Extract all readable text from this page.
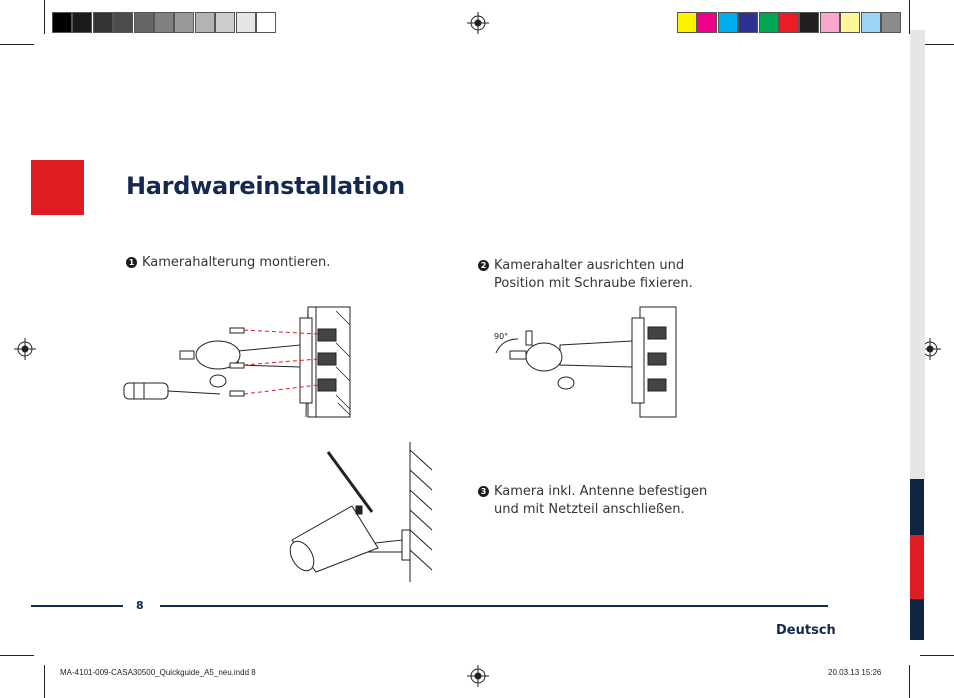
Hardwareinstallation
1 Kamerahalterung montieren.	2 Kamerahalter ausrichten und
Position mit Schraube fixieren.
3 Kamera inkl. Antenne befestigen
und mit Netzteil anschließen.
90°
8
Deutsch
MA-4101-009-CASA30500_Quickguide_A5_neu.indd 8	20.03.13 15:26
